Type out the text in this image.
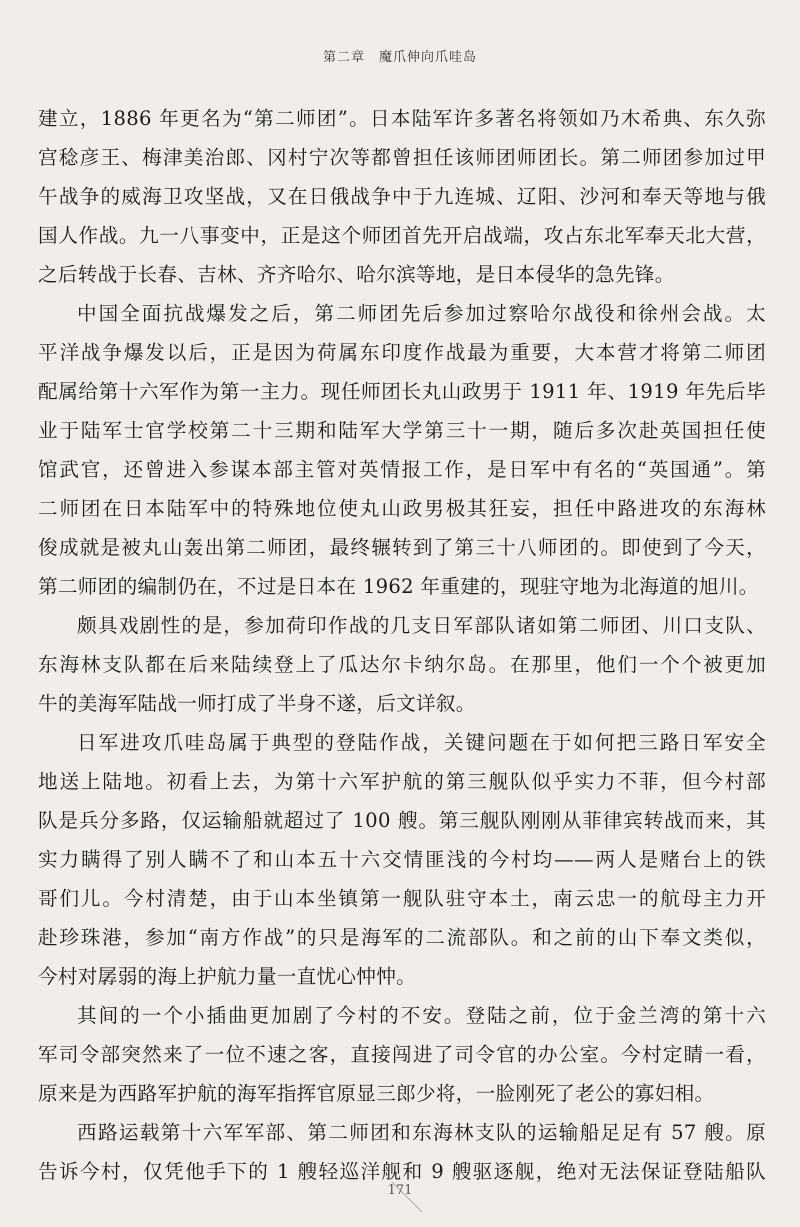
第二章 魔爪伸向爪哇岛
建立，1886 年更名为“第二师团”。日本陆军许多著名将领如乃木希典、东久弥
宫稔彦王、梅津美治郎、冈村宁次等都曾担任该师团师团长。第二师团参加过甲
午战争的威海卫攻坚战，又在日俄战争中于九连城、辽阳、沙河和奉天等地与俄
国人作战。九一八事变中，正是这个师团首先开启战端，攻占东北军奉天北大营，
之后转战于长春、吉林、齐齐哈尔、哈尔滨等地，是日本侵华的急先锋。
中国全面抗战爆发之后，第二师团先后参加过察哈尔战役和徐州会战。太
平洋战争爆发以后，正是因为荷属东印度作战最为重要，大本营才将第二师团
配属给第十六军作为第一主力。现任师团长丸山政男于 1911 年、1919 年先后毕
业于陆军士官学校第二十三期和陆军大学第三十一期，随后多次赴英国担任使
馆武官，还曾进入参谋本部主管对英情报工作，是日军中有名的“英国通”。第
二师团在日本陆军中的特殊地位使丸山政男极其狂妄，担任中路进攻的东海林
俊成就是被丸山轰出第二师团，最终辗转到了第三十八师团的。即使到了今天，
第二师团的编制仍在，不过是日本在 1962 年重建的，现驻守地为北海道的旭川。
颇具戏剧性的是，参加荷印作战的几支日军部队诸如第二师团、川口支队、
东海林支队都在后来陆续登上了瓜达尔卡纳尔岛。在那里，他们一个个被更加
牛的美海军陆战一师打成了半身不遂，后文详叙。
日军进攻爪哇岛属于典型的登陆作战，关键问题在于如何把三路日军安全
地送上陆地。初看上去，为第十六军护航的第三舰队似乎实力不菲，但今村部
队是兵分多路，仅运输船就超过了 100 艘。第三舰队刚刚从菲律宾转战而来，其
实力瞒得了别人瞒不了和山本五十六交情匪浅的今村均——两人是赌台上的铁
哥们儿。今村清楚，由于山本坐镇第一舰队驻守本土，南云忠一的航母主力开
赴珍珠港，参加“南方作战”的只是海军的二流部队。和之前的山下奉文类似，
今村对孱弱的海上护航力量一直忧心忡忡。
其间的一个小插曲更加剧了今村的不安。登陆之前，位于金兰湾的第十六
军司令部突然来了一位不速之客，直接闯进了司令官的办公室。今村定睛一看，
原来是为西路军护航的海军指挥官原显三郎少将，一脸刚死了老公的寡妇相。
西路运载第十六军军部、第二师团和东海林支队的运输船足足有 57 艘。原
告诉今村，仅凭他手下的 1 艘轻巡洋舰和 9 艘驱逐舰，绝对无法保证登陆船队
171
